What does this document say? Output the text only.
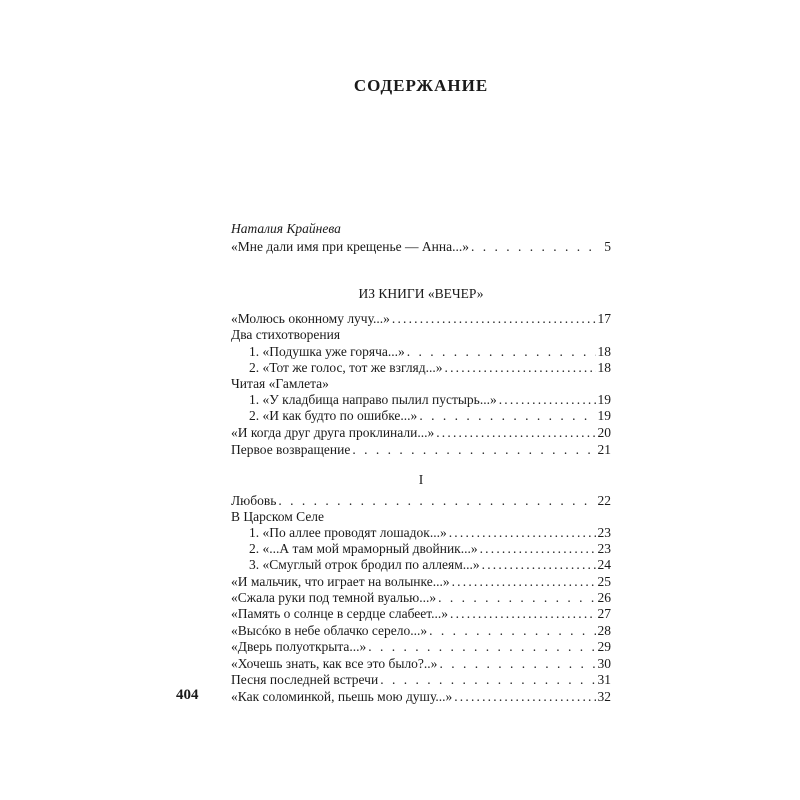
СОДЕРЖАНИЕ
Наталия Крайнева
«Мне дали имя при крещенье — Анна...» . . .	5
ИЗ КНИГИ «ВЕЧЕР»
«Молюсь оконному лучу...» .....	17
Два стихотворения
1. «Подушка уже горяча...» . . .	18
2. «Тот же голос, тот же взгляд...» .....	18
Читая «Гамлета»
1. «У кладбища направо пылил пустырь...» .....	19
2. «И как будто по ошибке...» . . .	19
«И когда друг друга проклинали...» .....	20
Первое возвращение . . .	21
I
Любовь . . .	22
В Царском Селе
1. «По аллее проводят лошадок...» .....	23
2. «...А там мой мраморный двойник...» .....	23
3. «Смуглый отрок бродил по аллеям...» .....	24
«И мальчик, что играет на волынке...» .....	25
«Сжала руки под темной вуалью...» . . .	26
«Память о солнце в сердце слабеет...» .....	27
«Высóко в небе облачко серело...» . . .	28
«Дверь полуоткрыта...» . . .	29
«Хочешь знать, как все это было?..» . . .	30
Песня последней встречи . . .	31
«Как соломинкой, пьешь мою душу...» .....	32
404
